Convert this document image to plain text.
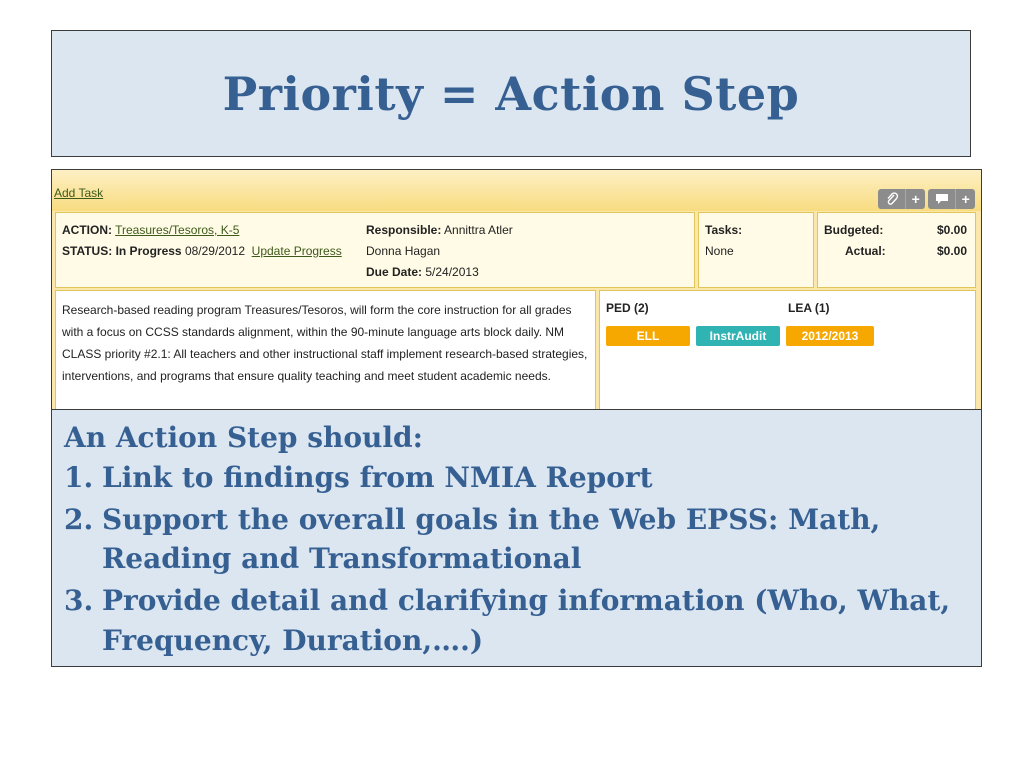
Priority = Action Step
Add Task	+	+
ACTION: Treasures/Tesoros, K-5
STATUS: In Progress 08/29/2012 Update Progress
Responsible: Annittra Atler
Donna Hagan
Due Date: 5/24/2013
Tasks:
None
Budgeted:	$0.00
Actual:	$0.00
Research-based reading program Treasures/Tesoros, will form the core instruction for all grades with a focus on CCSS standards alignment, within the 90-minute language arts block daily. NM CLASS priority #2.1: All teachers and other instructional staff implement research-based strategies, interventions, and programs that ensure quality teaching and meet student academic needs.
PED (2)	LEA (1)
ELL	InstrAudit	2012/2013
An Action Step should:
1. Link to findings from NMIA Report
2. Support the overall goals in the Web EPSS: Math,
Reading and Transformational
3. Provide detail and clarifying information (Who, What,
Frequency, Duration,….)
